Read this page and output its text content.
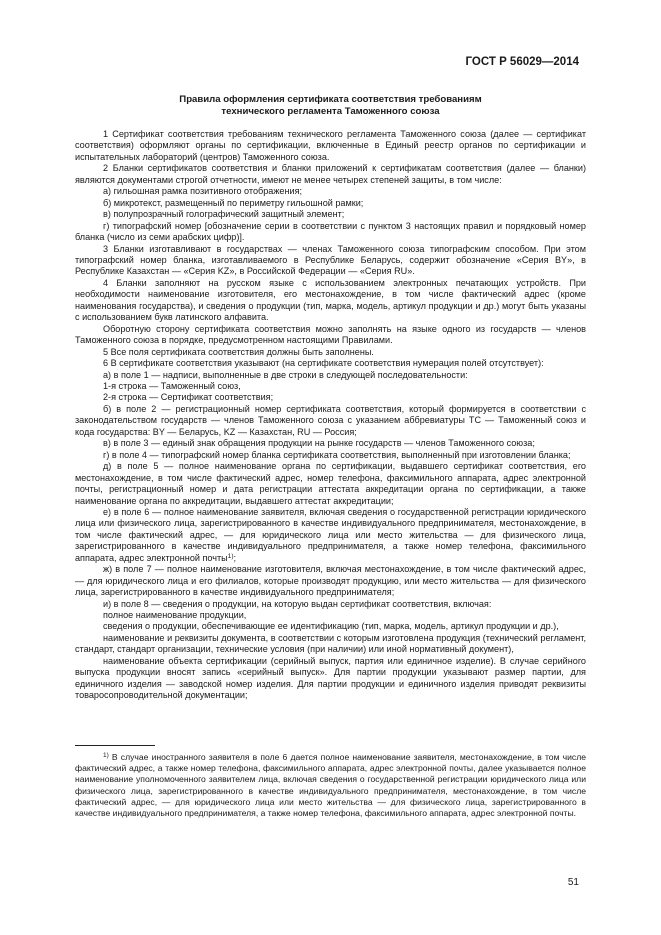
ГОСТ Р 56029—2014
Правила оформления сертификата соответствия требованиям
технического регламента Таможенного союза

1 Сертификат соответствия требованиям технического регламента Таможенного союза (далее — сертификат соответствия) оформляют органы по сертификации, включенные в Единый реестр органов по сертификации и испытательных лабораторий (центров) Таможенного союза.

2 Бланки сертификатов соответствия и бланки приложений к сертификатам соответствия (далее — бланки) являются документами строгой отчетности, имеют не менее четырех степеней защиты, в том числе:

а) гильошная рамка позитивного отображения;

б) микротекст, размещенный по периметру гильошной рамки;

в) полупрозрачный голографический защитный элемент;

г) типографский номер [обозначение серии в соответствии с пунктом 3 настоящих правил и порядковый номер бланка (число из семи арабских цифр)].

3 Бланки изготавливают в государствах — членах Таможенного союза типографским способом. При этом типографский номер бланка, изготавливаемого в Республике Беларусь, содержит обозначение «Серия BY», в Республике Казахстан — «Серия KZ», в Российской Федерации — «Серия RU».

4 Бланки заполняют на русском языке с использованием электронных печатающих устройств. При необходимости наименование изготовителя, его местонахождение, в том числе фактический адрес (кроме наименования государства), и сведения о продукции (тип, марка, модель, артикул продукции и др.) могут быть указаны с использованием букв латинского алфавита.

Оборотную сторону сертификата соответствия можно заполнять на языке одного из государств — членов Таможенного союза в порядке, предусмотренном настоящими Правилами.

5 Все поля сертификата соответствия должны быть заполнены.

6 В сертификате соответствия указывают (на сертификате соответствия нумерация полей отсутствует):

а) в поле 1 — надписи, выполненные в две строки в следующей последовательности:

1-я строка — Таможенный союз,

2-я строка — Сертификат соответствия;

б) в поле 2 — регистрационный номер сертификата соответствия, который формируется в соответствии с законодательством государств — членов Таможенного союза с указанием аббревиатуры ТС — Таможенный союз и кода государства: BY — Беларусь, KZ — Казахстан, RU — Россия;

в) в поле 3 — единый знак обращения продукции на рынке государств — членов Таможенного союза;

г) в поле 4 — типографский номер бланка сертификата соответствия, выполненный при изготовлении бланка;

д) в поле 5 — полное наименование органа по сертификации, выдавшего сертификат соответствия, его местонахождение, в том числе фактический адрес, номер телефона, факсимильного аппарата, адрес электронной почты, регистрационный номер и дата регистрации аттестата аккредитации органа по сертификации, а также наименование органа по аккредитации, выдавшего аттестат аккредитации;

е) в поле 6 — полное наименование заявителя, включая сведения о государственной регистрации юридического лица или физического лица, зарегистрированного в качестве индивидуального предпринимателя, местонахождение, в том числе фактический адрес, — для юридического лица или место жительства — для физического лица, зарегистрированного в качестве индивидуального предпринимателя, а также номер телефона, факсимильного аппарата, адрес электронной почты$^{1)}$;

ж) в поле 7 — полное наименование изготовителя, включая местонахождение, в том числе фактический адрес, — для юридического лица и его филиалов, которые производят продукцию, или место жительства — для физического лица, зарегистрированного в качестве индивидуального предпринимателя;

и) в поле 8 — сведения о продукции, на которую выдан сертификат соответствия, включая:

полное наименование продукции,

сведения о продукции, обеспечивающие ее идентификацию (тип, марка, модель, артикул продукции и др.),

наименование и реквизиты документа, в соответствии с которым изготовлена продукция (технический регламент, стандарт, стандарт организации, технические условия (при наличии) или иной нормативный документ),

наименование объекта сертификации (серийный выпуск, партия или единичное изделие). В случае серийного выпуска продукции вносят запись «серийный выпуск». Для партии продукции указывают размер партии, для единичного изделия — заводской номер изделия. Для партии продукции и единичного изделия приводят реквизиты товаросопроводительной документации;

$^{1)}$ В случае иностранного заявителя в поле 6 дается полное наименование заявителя, местонахождение, в том числе фактический адрес, а также номер телефона, факсимильного аппарата, адрес электронной почты, далее указывается полное наименование уполномоченного заявителем лица, включая сведения о государственной регистрации юридического лица или физического лица, зарегистрированного в качестве индивидуального предпринимателя, местонахождение, в том числе фактический адрес, — для юридического лица или место жительства — для физического лица, зарегистрированного в качестве индивидуального предпринимателя, а также номер телефона, факсимильного аппарата, адрес электронной почты.
51
